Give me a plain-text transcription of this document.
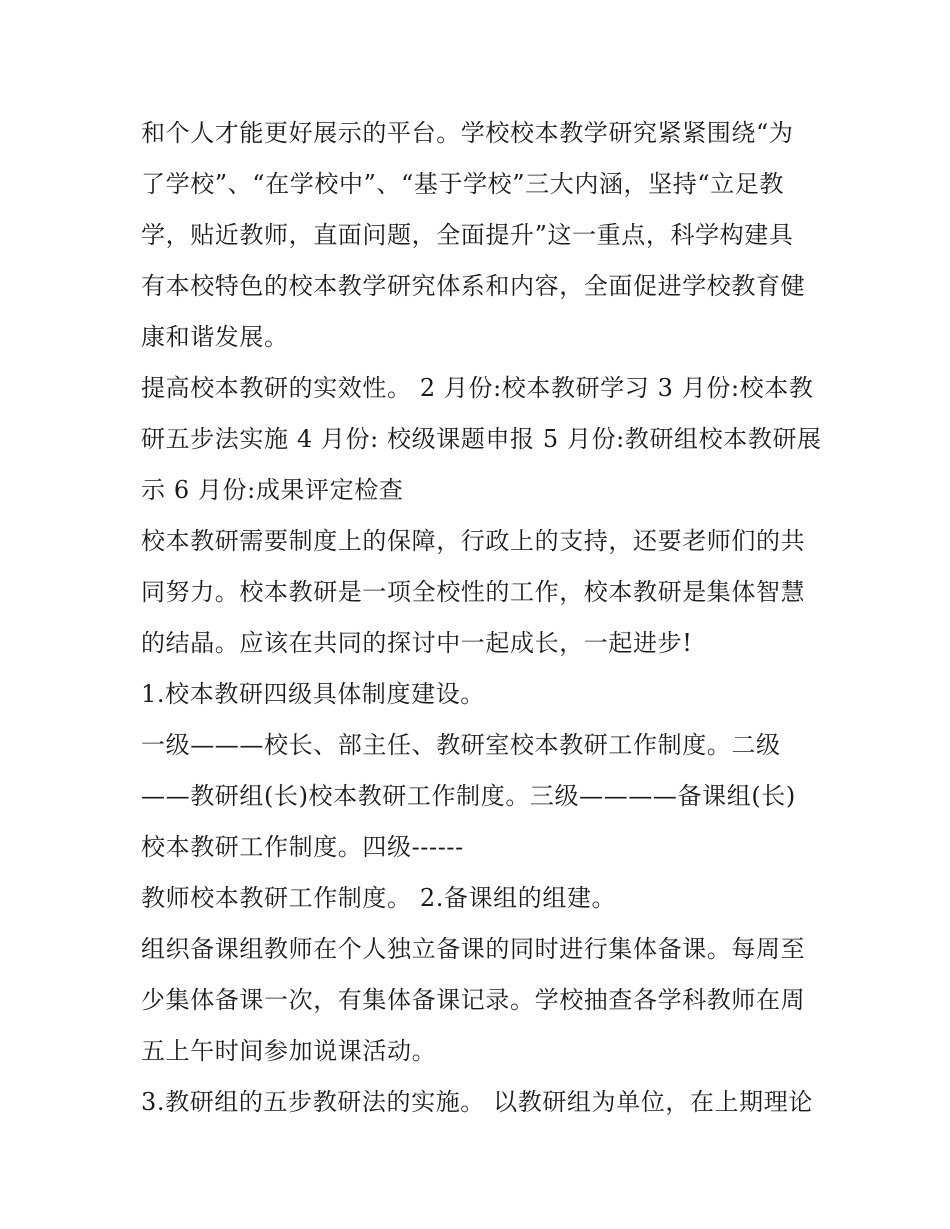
和个人才能更好展示的平台。学校校本教学研究紧紧围绕“为
了学校”、“在学校中”、“基于学校”三大内涵，坚持“立足教
学，贴近教师，直面问题，全面提升”这一重点，科学构建具
有本校特色的校本教学研究体系和内容，全面促进学校教育健
康和谐发展。
提高校本教研的实效性。 2 月份:校本教研学习 3 月份:校本教
研五步法实施 4 月份: 校级课题申报 5 月份:教研组校本教研展
示 6 月份:成果评定检查
校本教研需要制度上的保障，行政上的支持，还要老师们的共
同努力。校本教研是一项全校性的工作，校本教研是集体智慧
的结晶。应该在共同的探讨中一起成长，一起进步!
1.校本教研四级具体制度建设。
一级———校长、部主任、教研室校本教研工作制度。二级
——教研组(长)校本教研工作制度。三级————备课组(长)
校本教研工作制度。四级------
教师校本教研工作制度。 2.备课组的组建。
组织备课组教师在个人独立备课的同时进行集体备课。每周至
少集体备课一次，有集体备课记录。学校抽查各学科教师在周
五上午时间参加说课活动。
3.教研组的五步教研法的实施。 以教研组为单位，在上期理论
